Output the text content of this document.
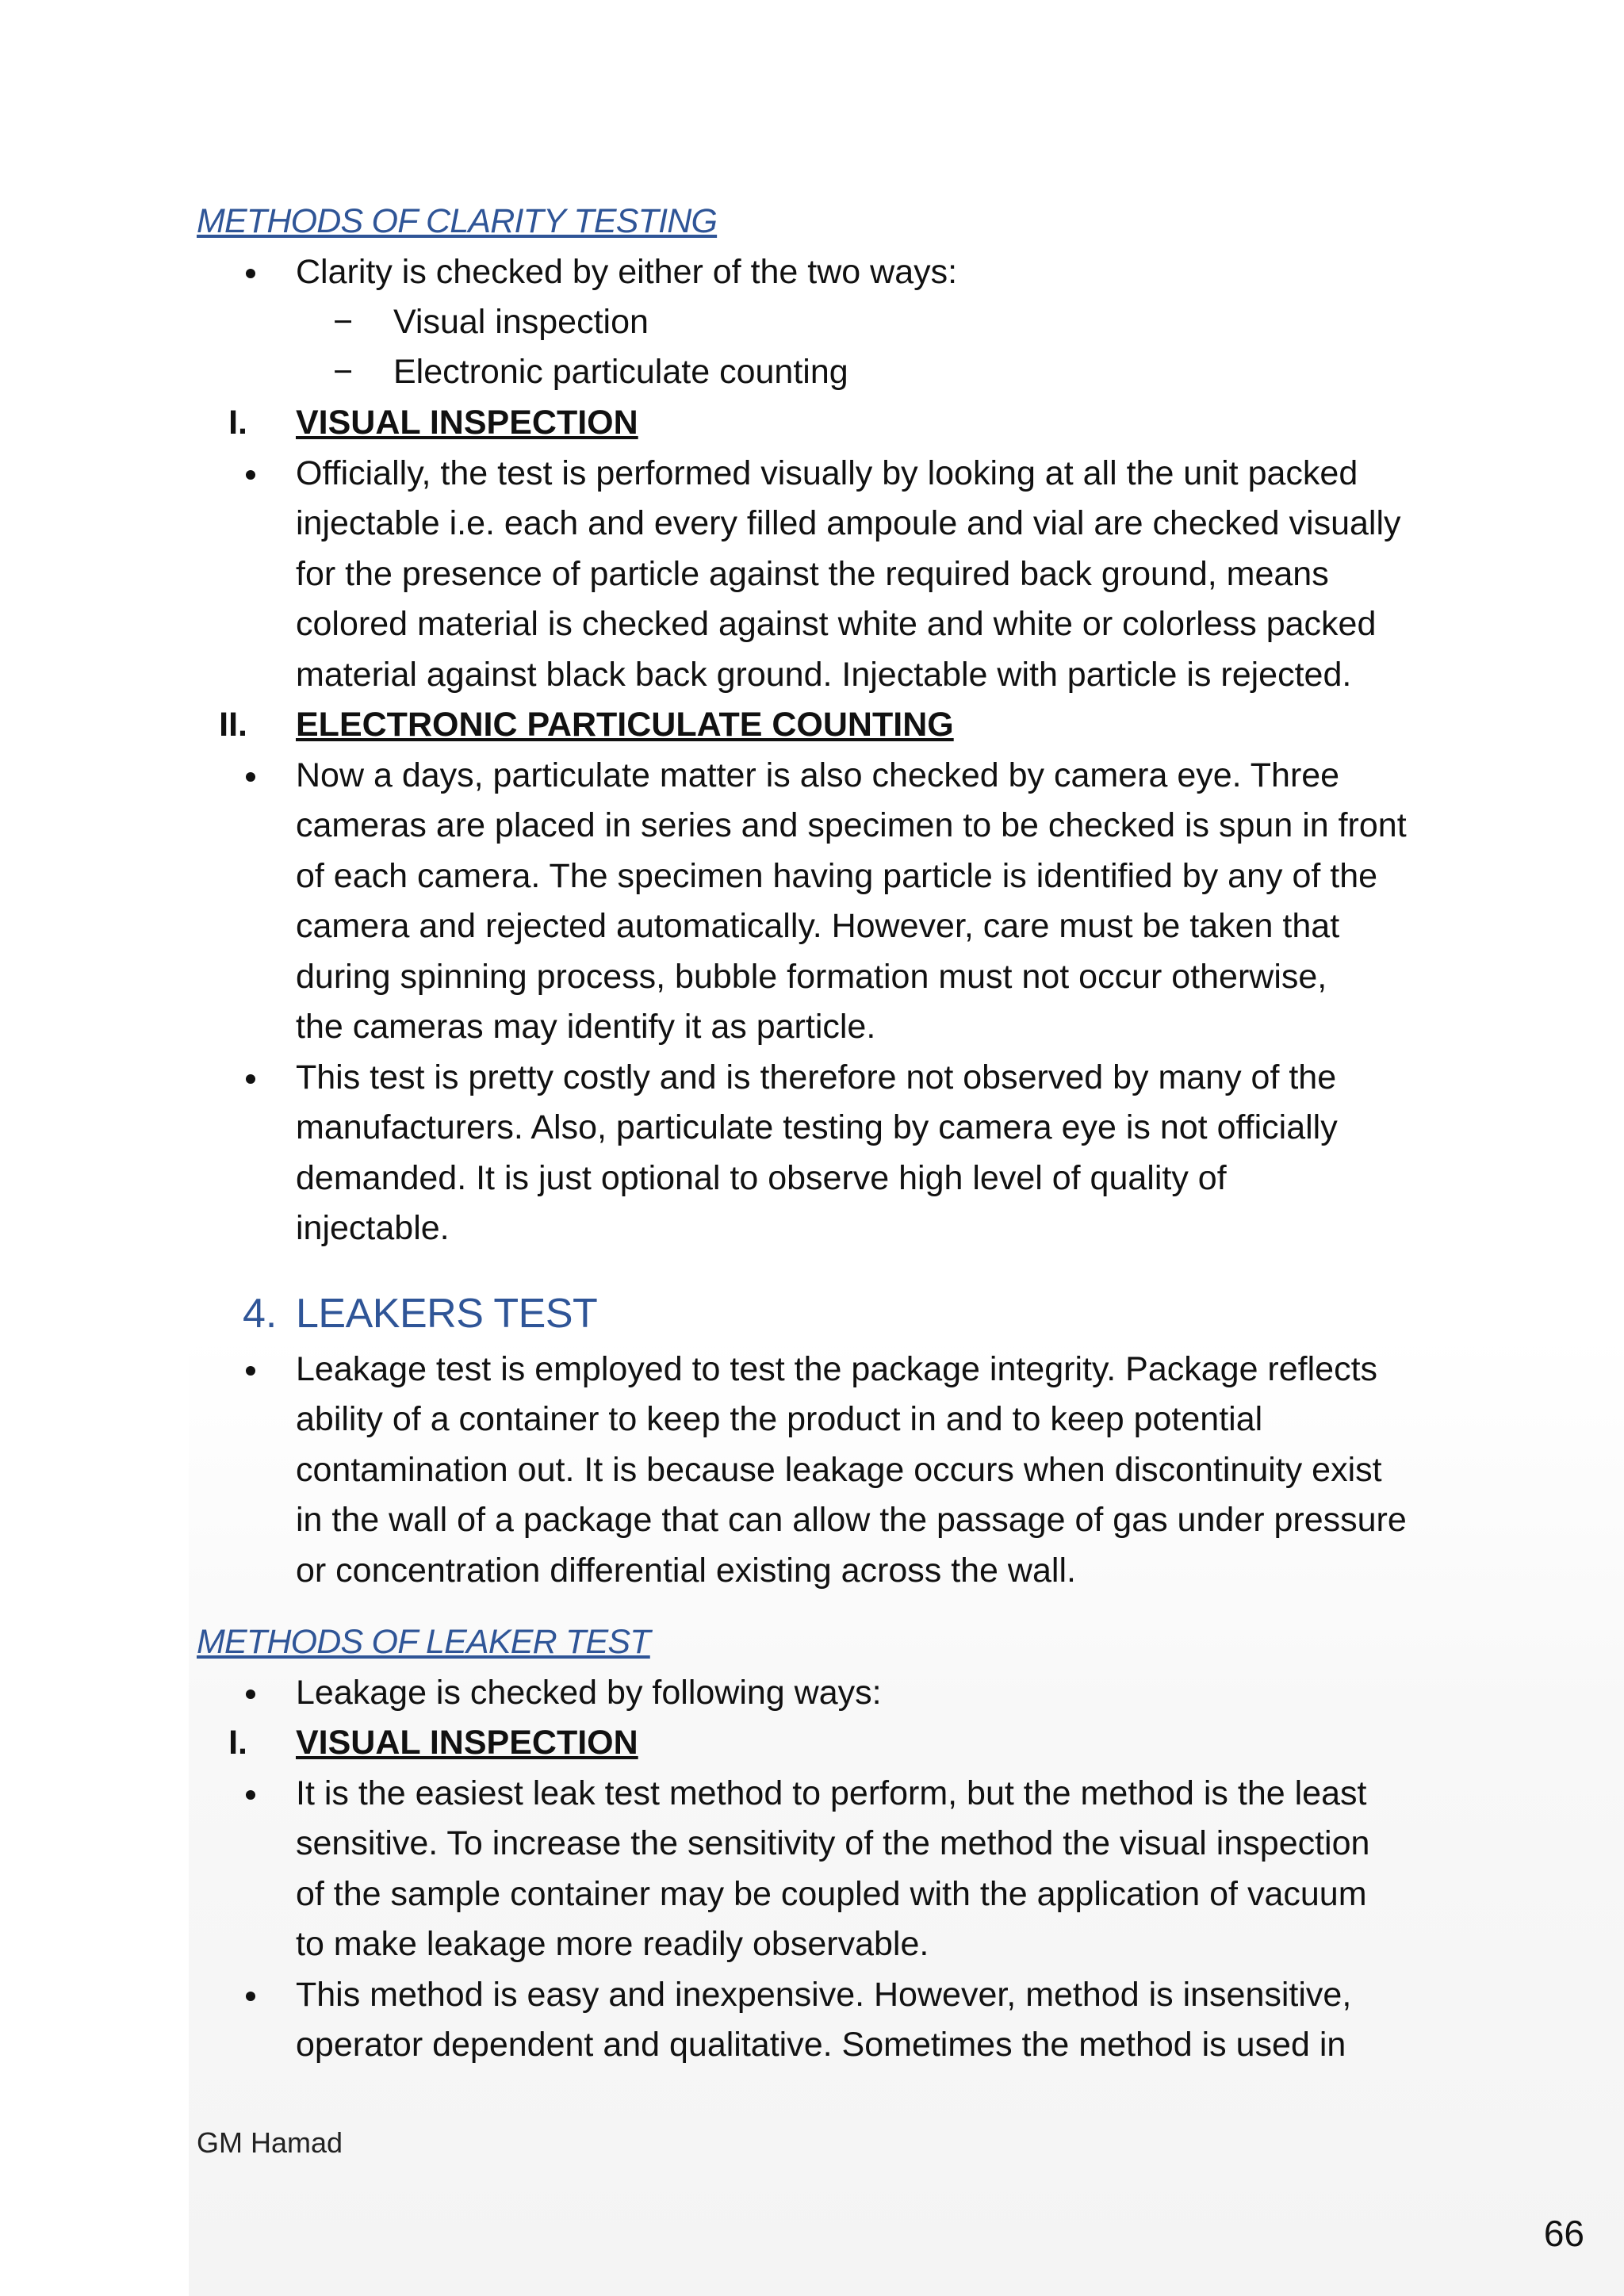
METHODS OF CLARITY TESTING
Clarity is checked by either of the two ways:
− Visual inspection
− Electronic particulate counting
I. VISUAL INSPECTION
Officially, the test is performed visually by looking at all the unit packed
injectable i.e. each and every filled ampoule and vial are checked visually
for the presence of particle against the required back ground, means
colored material is checked against white and white or colorless packed
material against black back ground. Injectable with particle is rejected.
II. ELECTRONIC PARTICULATE COUNTING
Now a days, particulate matter is also checked by camera eye. Three
cameras are placed in series and specimen to be checked is spun in front
of each camera. The specimen having particle is identified by any of the
camera and rejected automatically. However, care must be taken that
during spinning process, bubble formation must not occur otherwise,
the cameras may identify it as particle.
This test is pretty costly and is therefore not observed by many of the
manufacturers. Also, particulate testing by camera eye is not officially
demanded. It is just optional to observe high level of quality of
injectable.
4. LEAKERS TEST
Leakage test is employed to test the package integrity. Package reflects
ability of a container to keep the product in and to keep potential
contamination out. It is because leakage occurs when discontinuity exist
in the wall of a package that can allow the passage of gas under pressure
or concentration differential existing across the wall.
METHODS OF LEAKER TEST
Leakage is checked by following ways:
I. VISUAL INSPECTION
It is the easiest leak test method to perform, but the method is the least
sensitive. To increase the sensitivity of the method the visual inspection
of the sample container may be coupled with the application of vacuum
to make leakage more readily observable.
This method is easy and inexpensive. However, method is insensitive,
operator dependent and qualitative. Sometimes the method is used in
GM Hamad
66
